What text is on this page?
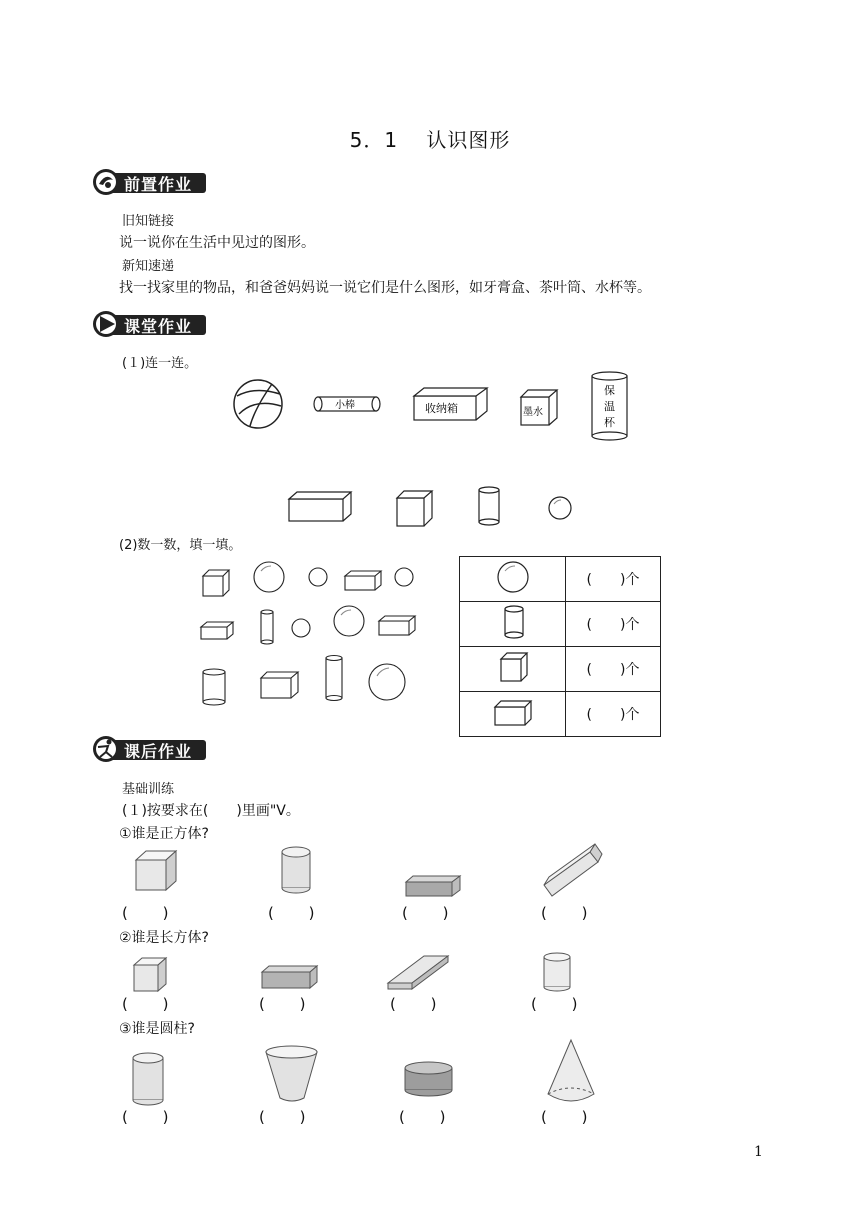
5．1　 认识图形
前置作业
旧知链接
说一说你在生活中见过的图形。
新知速递
找一找家里的物品，和爸爸妈妈说一说它们是什么图形，如牙膏盒、茶叶筒、水杯等。
课堂作业
(１)连一连。
小棒	收纳箱	墨水
保
温
杯
(2)数一数，填一填。
	(　　)个
	(　　)个
	(　　)个
	(　　)个
课后作业
基础训练
(１)按要求在(　　)里画"V。
①谁是正方体?
(　　 )	(　　 )	(　　 )	(　　 )
②谁是长方体?
(　　 )	(　　 )	(　　 )	(　　 )
③谁是圆柱?
(　　 )	(　　 )	(　　 )	(　　 )
1
